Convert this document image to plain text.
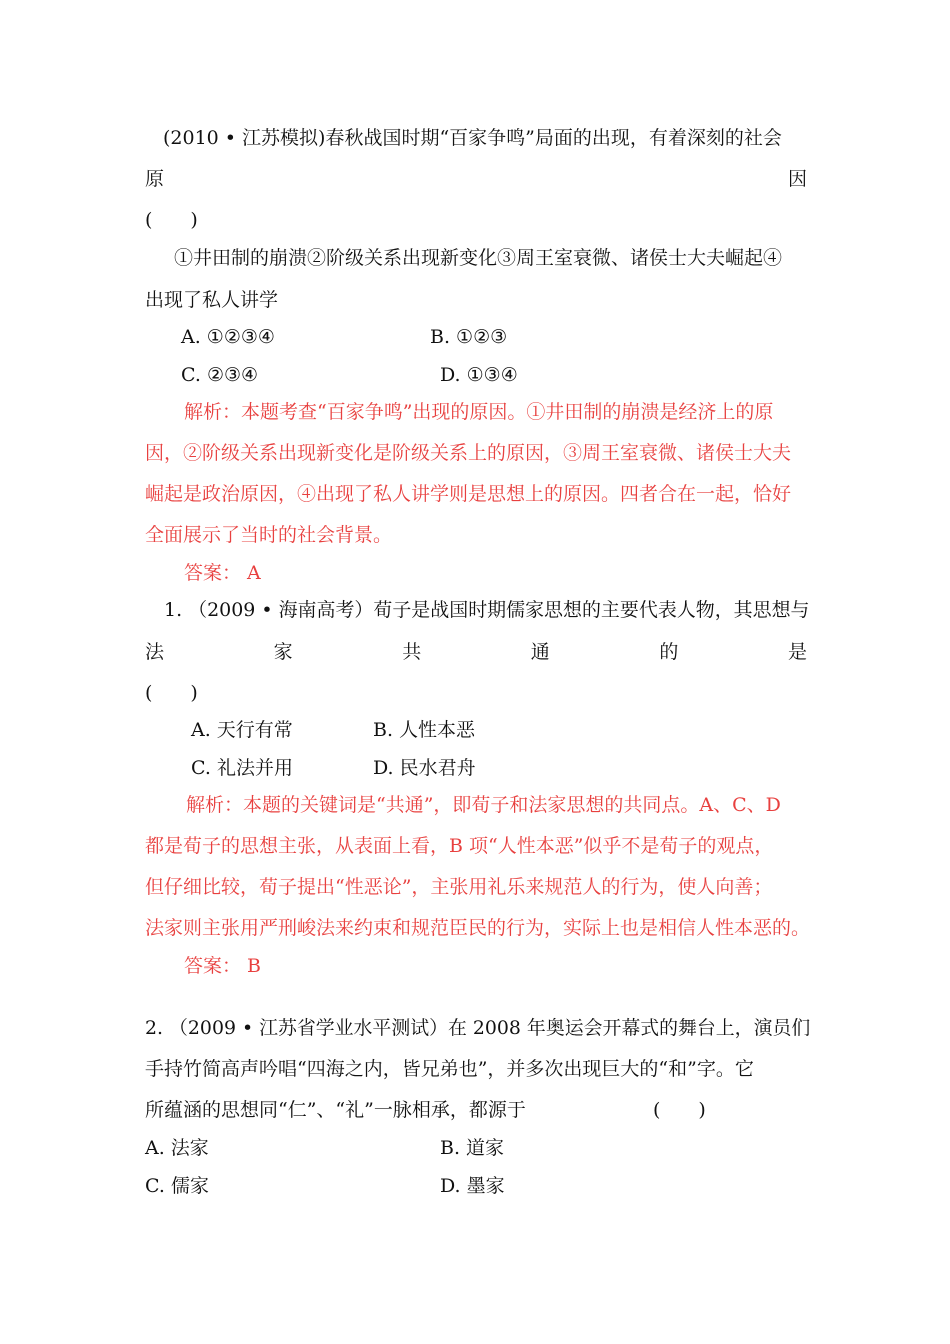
(2010 • 江苏模拟)春秋战国时期“百家争鸣”局面的出现，有着深刻的社会
原	因
(　　)
①井田制的崩溃②阶级关系出现新变化③周王室衰微、诸侯士大夫崛起④
出现了私人讲学
A. ①②③④	B. ①②③
C. ②③④	D. ①③④
解析：本题考查“百家争鸣”出现的原因。①井田制的崩溃是经济上的原
因，②阶级关系出现新变化是阶级关系上的原因，③周王室衰微、诸侯士大夫
崛起是政治原因，④出现了私人讲学则是思想上的原因。四者合在一起，恰好
全面展示了当时的社会背景。
答案： A
1. （2009 • 海南高考）荀子是战国时期儒家思想的主要代表人物，其思想与
法	家	共	通	的	是
(　　)
A. 天行有常	B. 人性本恶
C. 礼法并用	D. 民水君舟
解析：本题的关键词是“共通”，即荀子和法家思想的共同点。A、C、D
都是荀子的思想主张，从表面上看，B 项“人性本恶”似乎不是荀子的观点，
但仔细比较，荀子提出“性恶论”，主张用礼乐来规范人的行为，使人向善；
法家则主张用严刑峻法来约束和规范臣民的行为，实际上也是相信人性本恶的。
答案： B
2. （2009 • 江苏省学业水平测试）在 2008 年奥运会开幕式的舞台上，演员们
手持竹简高声吟唱“四海之内，皆兄弟也”，并多次出现巨大的“和”字。它
所蕴涵的思想同“仁”、“礼”一脉相承，都源于	(　　)
A. 法家	B. 道家
C. 儒家	D. 墨家
